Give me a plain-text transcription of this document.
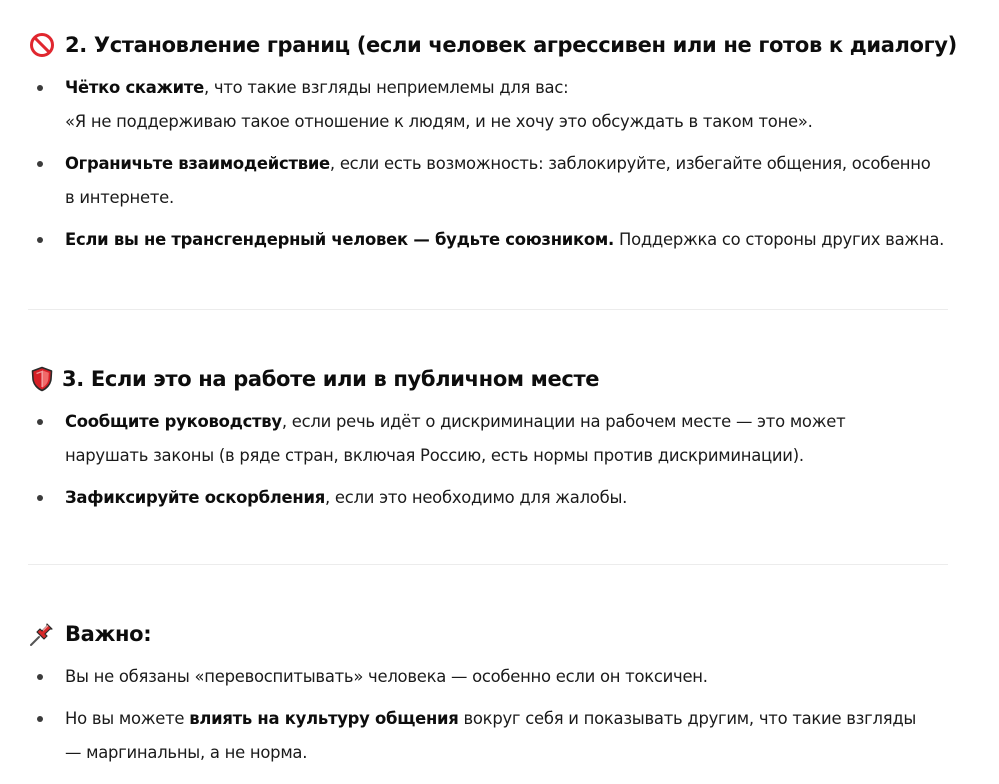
2. Установление границ (если человек агрессивен или не готов к диалогу)
Чётко скажите, что такие взгляды неприемлемы для вас:
«Я не поддерживаю такое отношение к людям, и не хочу это обсуждать в таком тоне».
Ограничьте взаимодействие, если есть возможность: заблокируйте, избегайте общения, особенно
в интернете.
Если вы не трансгендерный человек — будьте союзником. Поддержка со стороны других важна.
3. Если это на работе или в публичном месте
Сообщите руководству, если речь идёт о дискриминации на рабочем месте — это может
нарушать законы (в ряде стран, включая Россию, есть нормы против дискриминации).
Зафиксируйте оскорбления, если это необходимо для жалобы.
Важно:
Вы не обязаны «перевоспитывать» человека — особенно если он токсичен.
Но вы можете влиять на культуру общения вокруг себя и показывать другим, что такие взгляды
— маргинальны, а не норма.
